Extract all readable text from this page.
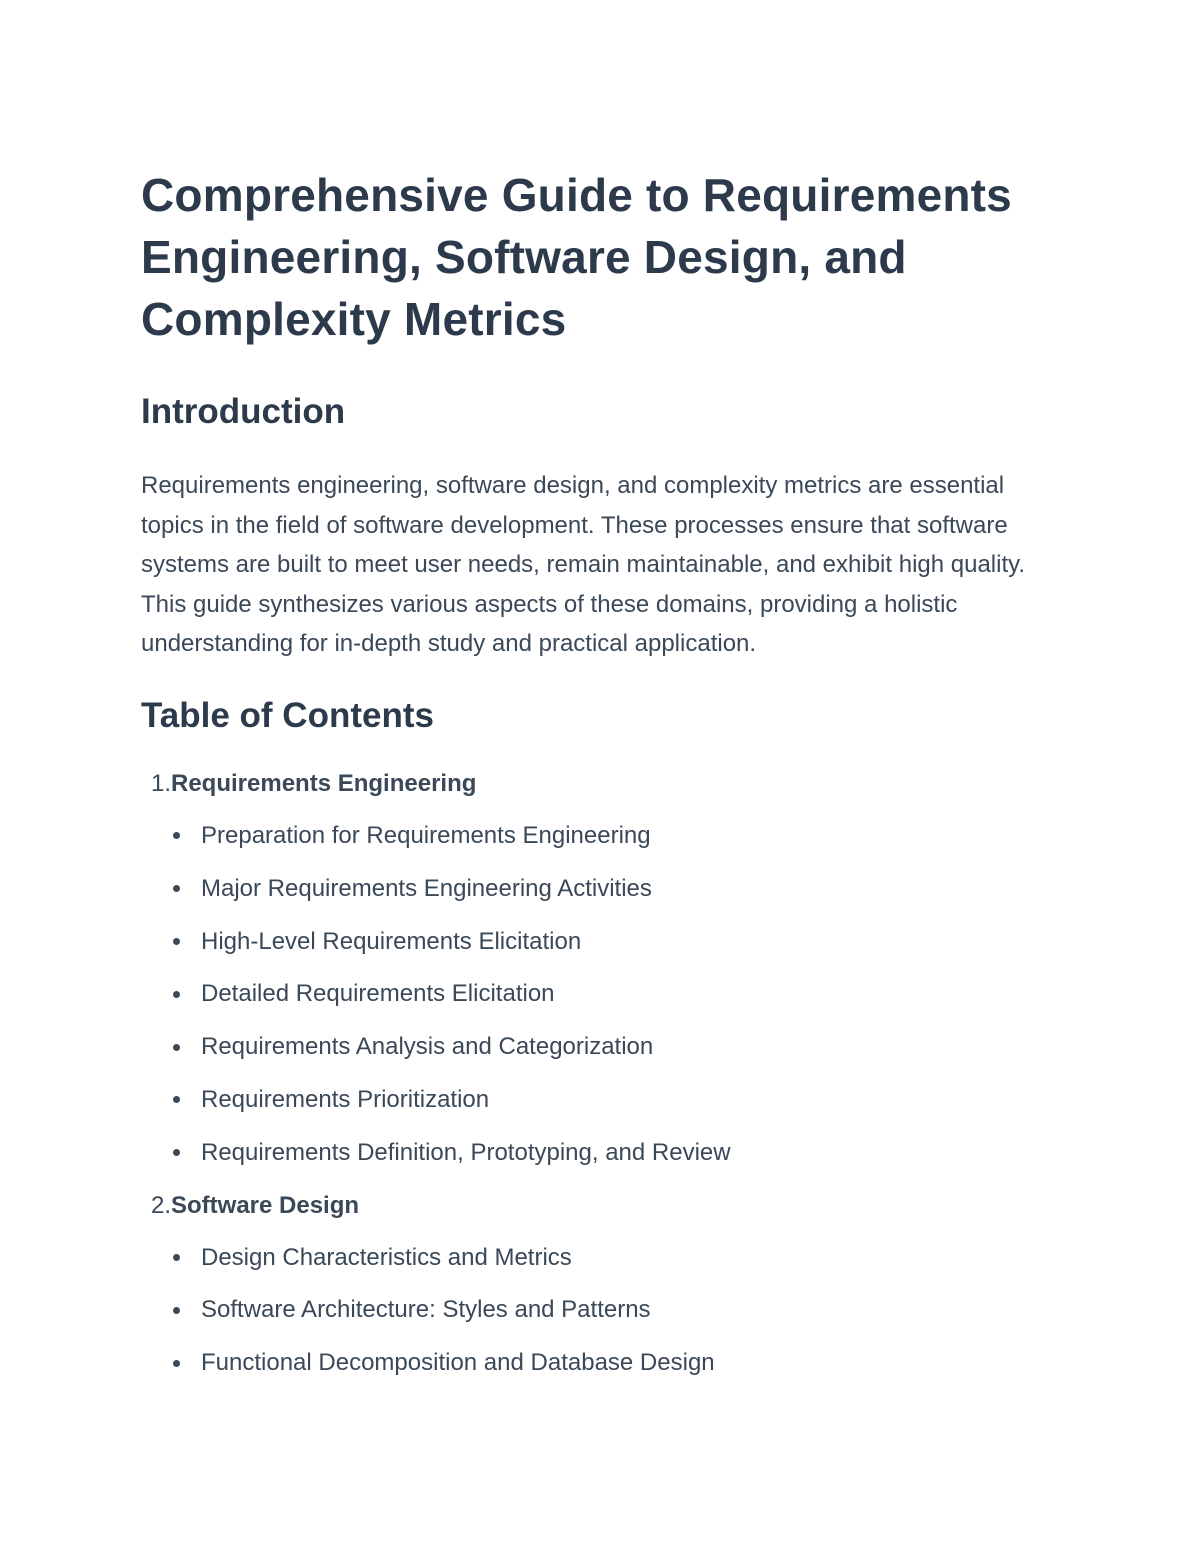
Comprehensive Guide to Requirements Engineering, Software Design, and Complexity Metrics
Introduction

Requirements engineering, software design, and complexity metrics are essential topics in the field of software development. These processes ensure that software systems are built to meet user needs, remain maintainable, and exhibit high quality. This guide synthesizes various aspects of these domains, providing a holistic understanding for in-depth study and practical application.

Table of Contents
1. Requirements Engineering
Preparation for Requirements Engineering
Major Requirements Engineering Activities
High-Level Requirements Elicitation
Detailed Requirements Elicitation
Requirements Analysis and Categorization
Requirements Prioritization
Requirements Definition, Prototyping, and Review
2. Software Design
Design Characteristics and Metrics
Software Architecture: Styles and Patterns
Functional Decomposition and Database Design
